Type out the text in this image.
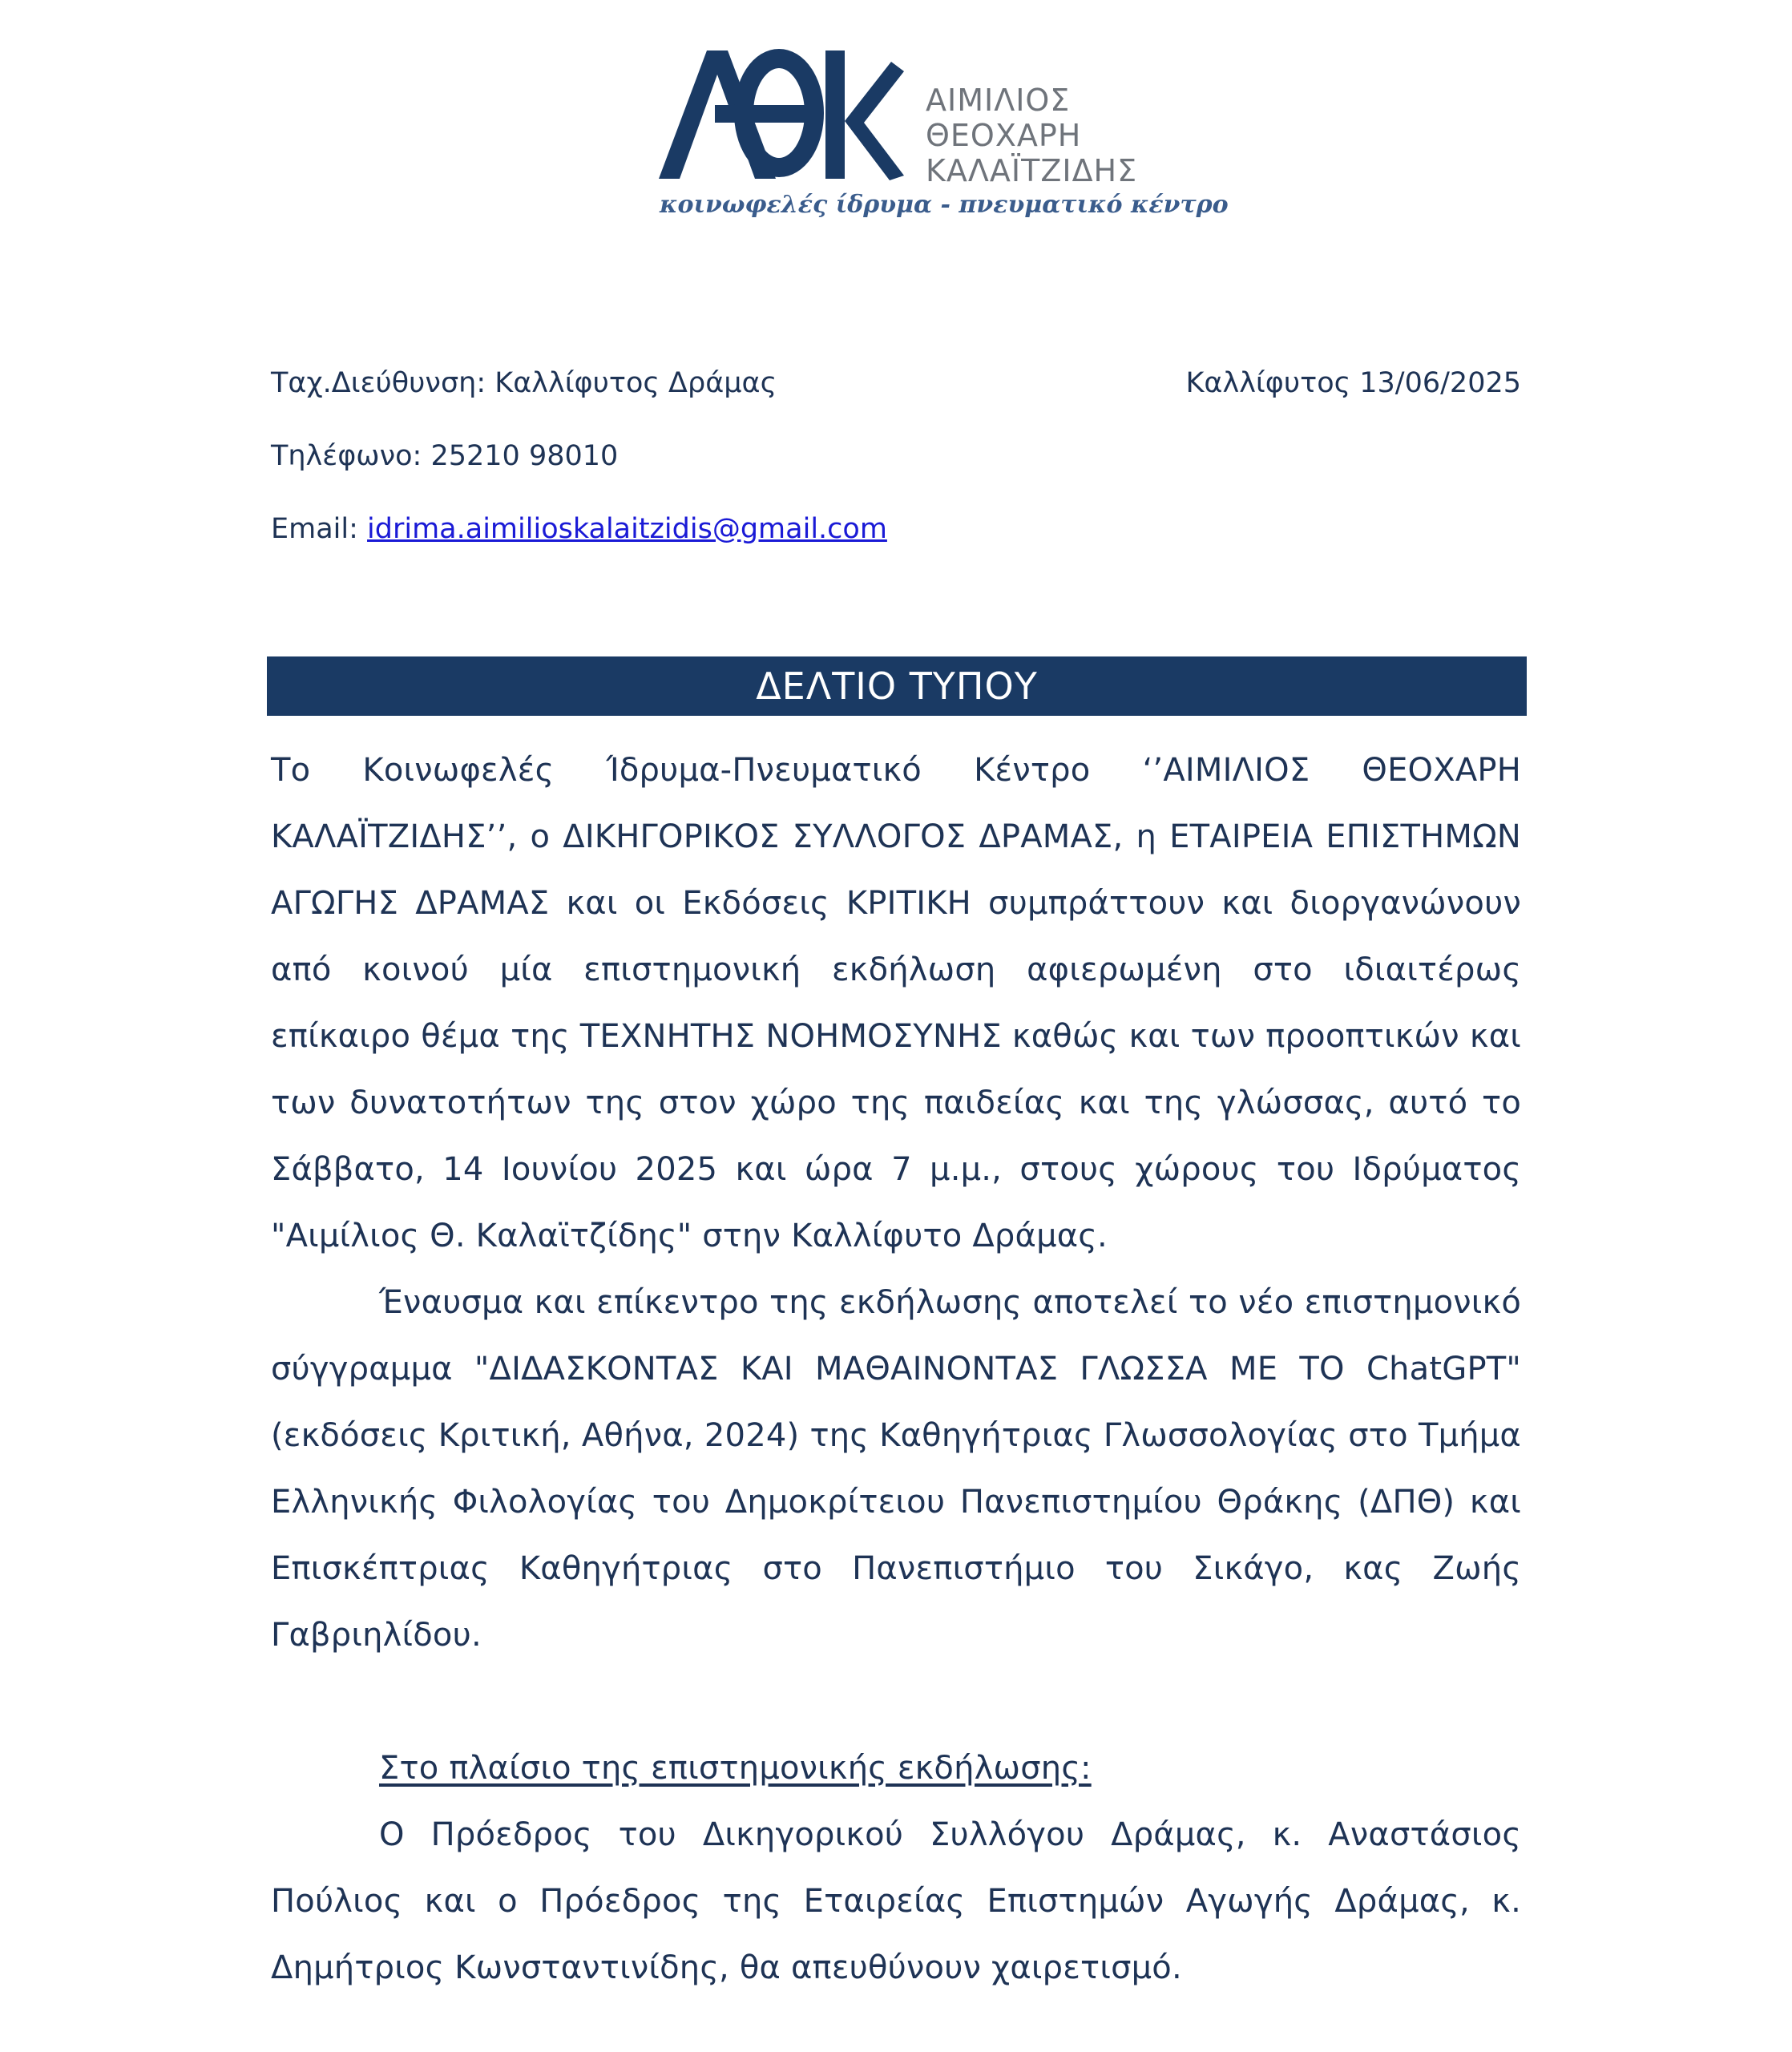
ΑΙΜΙΛΙΟΣ
ΘΕΟΧΑΡΗ
ΚΑΛΑΪΤΖΙΔΗΣ
κοινωφελές ίδρυμα - πνευματικό κέντρο
Ταχ.Διεύθυνση: Καλλίφυτος Δράμας	Καλλίφυτος 13/06/2025
Τηλέφωνο: 25210 98010
Email: idrima.aimilioskalaitzidis@gmail.com
ΔΕΛΤΙΟ ΤΥΠΟΥ

Το Κοινωφελές Ίδρυμα-Πνευματικό Κέντρο ‘’ΑΙΜΙΛΙΟΣ ΘΕΟΧΑΡΗ ΚΑΛΑΪΤΖΙΔΗΣ’’, ο ΔΙΚΗΓΟΡΙΚΟΣ ΣΥΛΛΟΓΟΣ ΔΡΑΜΑΣ, η ΕΤΑΙΡΕΙΑ ΕΠΙΣΤΗΜΩΝ ΑΓΩΓΗΣ ΔΡΑΜΑΣ και οι Εκδόσεις ΚΡΙΤΙΚΗ συμπράττουν και διοργανώνουν από κοινού μία επιστημονική εκδήλωση αφιερωμένη στο ιδιαιτέρως επίκαιρο θέμα της ΤΕΧΝΗΤΗΣ ΝΟΗΜΟΣΥΝΗΣ καθώς και των προοπτικών και των δυνατοτήτων της στον χώρο της παιδείας και της γλώσσας, αυτό το Σάββατο, 14 Ιουνίου 2025 και ώρα 7 μ.μ., στους χώρους του Ιδρύματος "Αιμίλιος Θ. Καλαϊτζίδης" στην Καλλίφυτο Δράμας.

Έναυσμα και επίκεντρο της εκδήλωσης αποτελεί το νέο επιστημονικό σύγγραμμα "ΔΙΔΑΣΚΟΝΤΑΣ ΚΑΙ ΜΑΘΑΙΝΟΝΤΑΣ ΓΛΩΣΣΑ ΜΕ ΤΟ ChatGPT" (εκδόσεις Κριτική, Αθήνα, 2024) της Καθηγήτριας Γλωσσολογίας στο Τμήμα Ελληνικής Φιλολογίας του Δημοκρίτειου Πανεπιστημίου Θράκης (ΔΠΘ) και Επισκέπτριας Καθηγήτριας στο Πανεπιστήμιο του Σικάγο, κας Ζωής Γαβριηλίδου.

Στο πλαίσιο της επιστημονικής εκδήλωσης:

Ο Πρόεδρος του Δικηγορικού Συλλόγου Δράμας, κ. Αναστάσιος Πούλιος και ο Πρόεδρος της Εταιρείας Επιστημών Αγωγής Δράμας, κ. Δημήτριος Κωνσταντινίδης, θα απευθύνουν χαιρετισμό.
